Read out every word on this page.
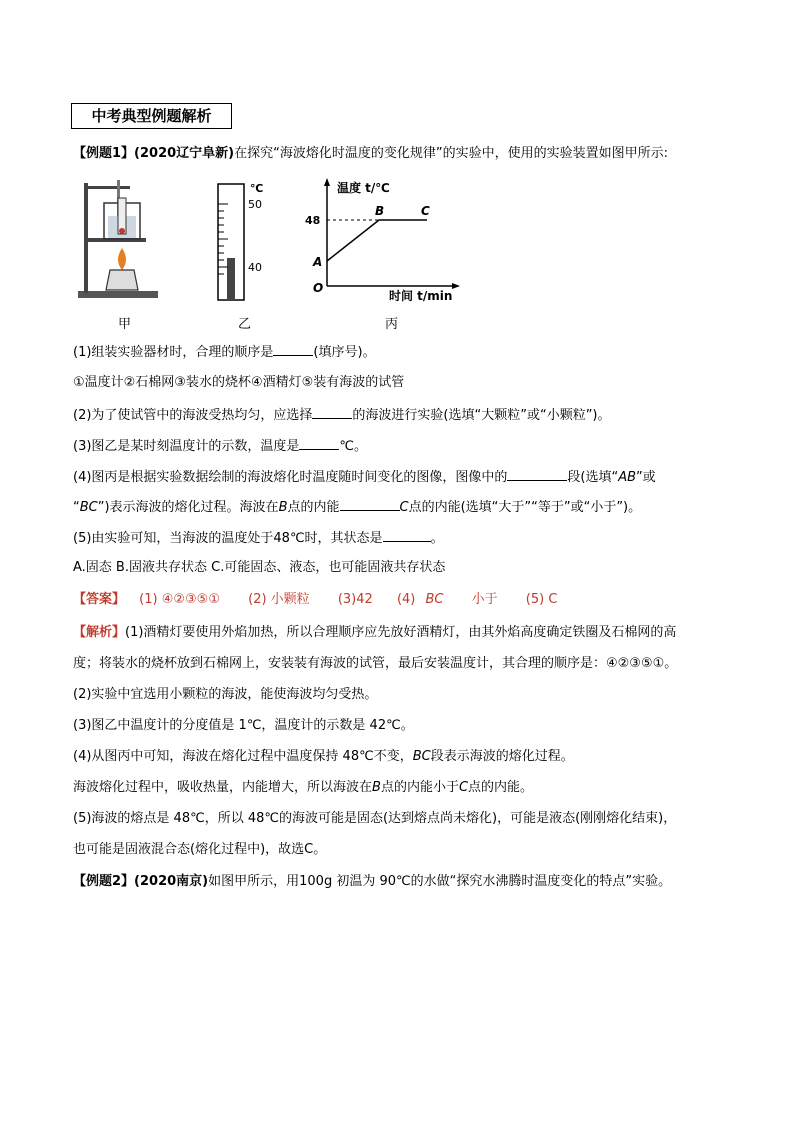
中考典型例题解析
【例题1】(2020辽宁阜新)在探究“海波熔化时温度的变化规律”的实验中，使用的实验装置如图甲所示:
甲
℃
50
40
乙
温度 t/℃
48
A
B	C
O
时间 t/min
丙
(1)组装实验器材时，合理的顺序是	(填序号)。
①温度计②石棉网③装水的烧杯④酒精灯⑤装有海波的试管
(2)为了使试管中的海波受热均匀，应选择	的海波进行实验(选填“大颗粒”或“小颗粒”)。
(3)图乙是某时刻温度计的示数，温度是	℃。
(4)图丙是根据实验数据绘制的海波熔化时温度随时间变化的图像，图像中的	段(选填“AB”或
“BC”)表示海波的熔化过程。海波在B点的内能	C点的内能(选填“大于”“等于”或“小于”)。
(5)由实验可知，当海波的温度处于48℃时，其状态是	。
A.固态 B.固液共存状态 C.可能固态、液态，也可能固液共存状态
【答案】 (1) ④②③⑤① (2) 小颗粒 (3)42 (4) BC 小于 (5) C
【解析】(1)酒精灯要使用外焰加热，所以合理顺序应先放好酒精灯，由其外焰高度确定铁圈及石棉网的高
度；将装水的烧杯放到石棉网上，安装装有海波的试管，最后安装温度计，其合理的顺序是：④②③⑤①。
(2)实验中宜选用小颗粒的海波，能使海波均匀受热。
(3)图乙中温度计的分度值是 1℃，温度计的示数是 42℃。
(4)从图丙中可知，海波在熔化过程中温度保持 48℃不变，BC段表示海波的熔化过程。
海波熔化过程中，吸收热量，内能增大，所以海波在B点的内能小于C点的内能。
(5)海波的熔点是 48℃，所以 48℃的海波可能是固态(达到熔点尚未熔化)，可能是液态(刚刚熔化结束)，
也可能是固液混合态(熔化过程中)，故选C。
【例题2】(2020南京)如图甲所示，用100g 初温为 90℃的水做“探究水沸腾时温度变化的特点”实验。
